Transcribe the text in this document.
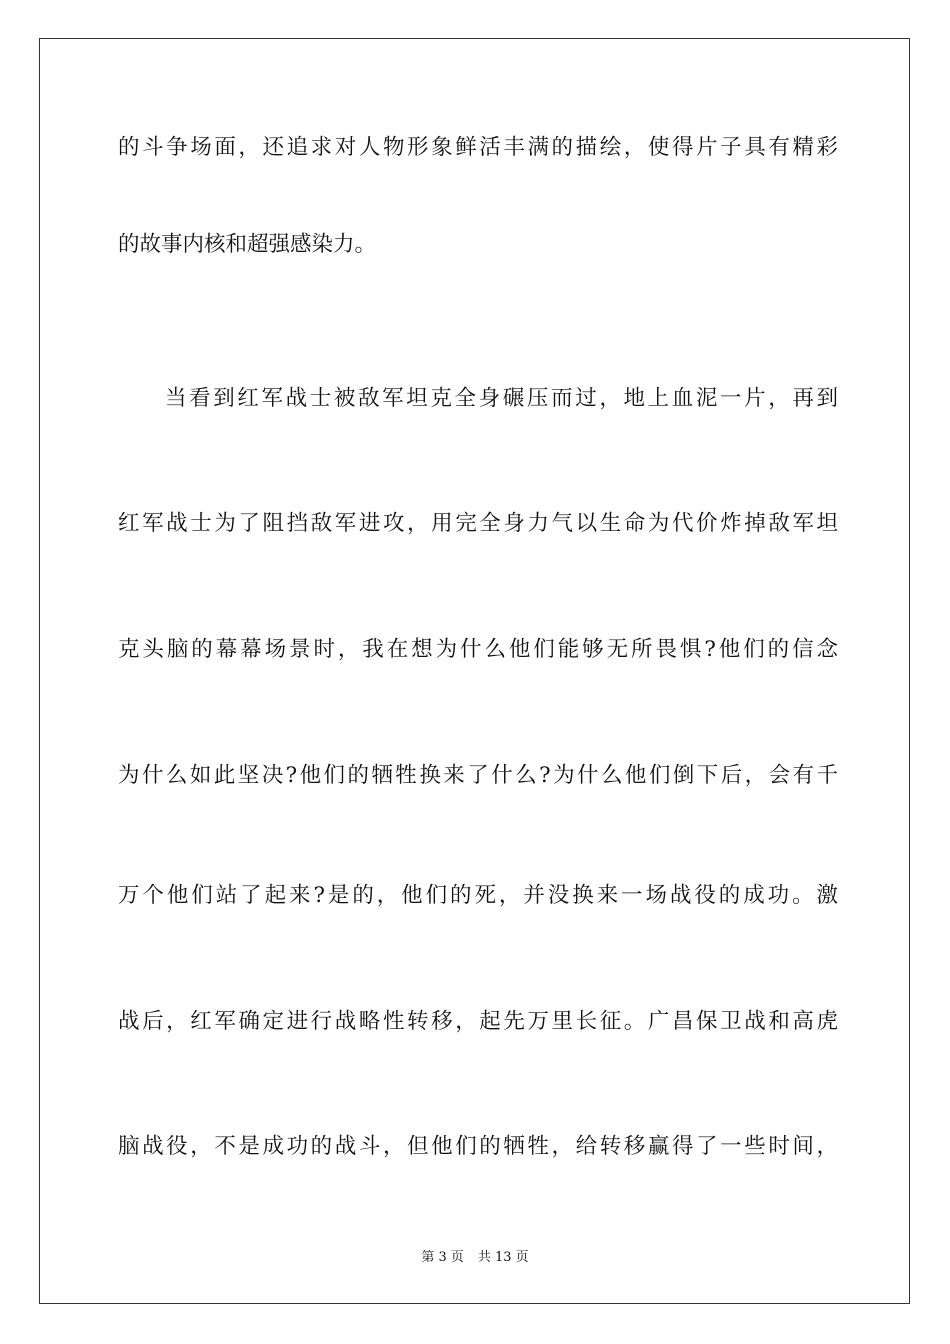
的斗争场面，还追求对人物形象鲜活丰满的描绘，使得片子具有精彩
的故事内核和超强感染力。
当看到红军战士被敌军坦克全身碾压而过，地上血泥一片，再到
红军战士为了阻挡敌军进攻，用完全身力气以生命为代价炸掉敌军坦
克头脑的幕幕场景时，我在想为什么他们能够无所畏惧?他们的信念
为什么如此坚决?他们的牺牲换来了什么?为什么他们倒下后，会有千
万个他们站了起来?是的，他们的死，并没换来一场战役的成功。激
战后，红军确定进行战略性转移，起先万里长征。广昌保卫战和高虎
脑战役，不是成功的战斗，但他们的牺牲，给转移赢得了一些时间，
第 3 页 共 13 页
